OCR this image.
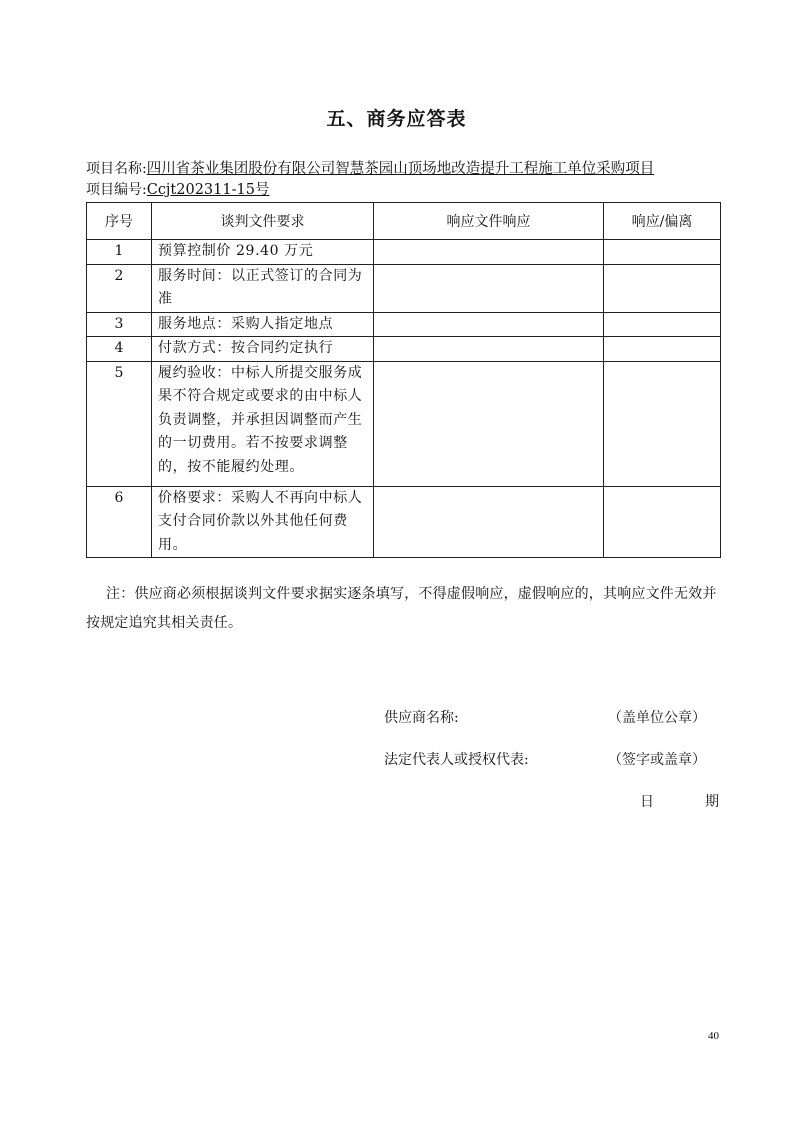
五、商务应答表
项目名称:四川省茶业集团股份有限公司智慧茶园山顶场地改造提升工程施工单位采购项目
项目编号:Ccjt202311-15号
序号	谈判文件要求	响应文件响应	响应/偏离
1	预算控制价 29.40 万元		
2	服务时间：以正式签订的合同为准		
3	服务地点：采购人指定地点		
4	付款方式：按合同约定执行		
5	履约验收：中标人所提交服务成果不符合规定或要求的由中标人负责调整，并承担因调整而产生的一切费用。若不按要求调整的，按不能履约处理。		
6	价格要求：采购人不再向中标人支付合同价款以外其他任何费用。		
注：供应商必须根据谈判文件要求据实逐条填写，不得虚假响应，虚假响应的，其响应文件无效并按规定追究其相关责任。
供应商名称:	（盖单位公章）
法定代表人或授权代表:	（签字或盖章）
日	期
40
